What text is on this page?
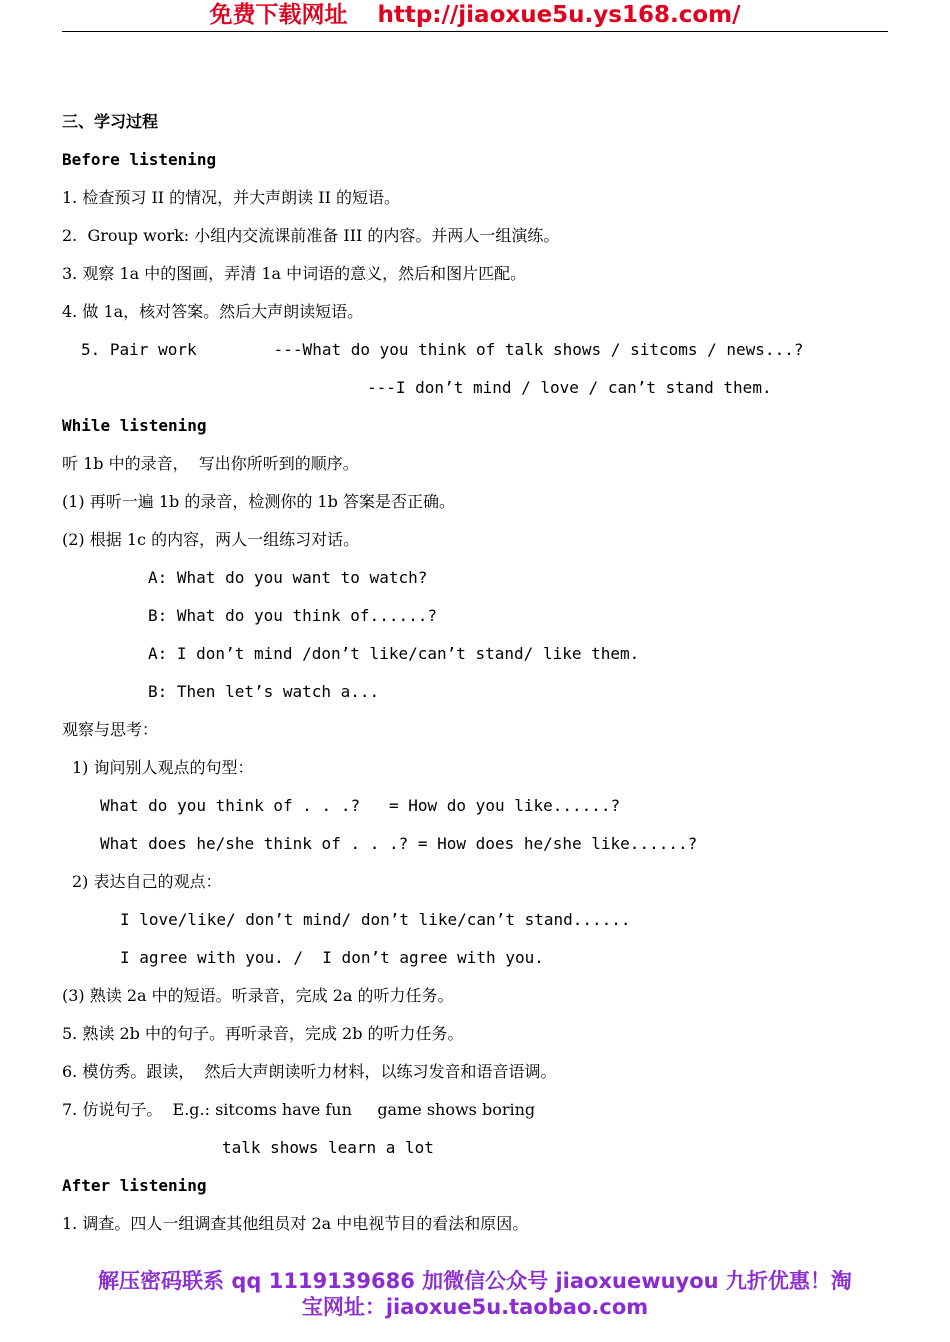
免费下载网址 http://jiaoxue5u.ys168.com/
三、学习过程
Before listening
1. 检查预习 II 的情况，并大声朗读 II 的短语。
2.  Group work: 小组内交流课前准备 III 的内容。并两人一组演练。
3. 观察 1a 中的图画，弄清 1a 中词语的意义，然后和图片匹配。
4. 做 1a，核对答案。然后大声朗读短语。
5. Pair work        ---What do you think of talk shows / sitcoms / news...?
---I don’t mind / love / can’t stand them.
While listening
听 1b 中的录音，  写出你所听到的顺序。
(1) 再听一遍 1b 的录音，检测你的 1b 答案是否正确。
(2) 根据 1c 的内容，两人一组练习对话。
A: What do you want to watch?
B: What do you think of......?
A: I don’t mind /don’t like/can’t stand/ like them.
B: Then let’s watch a...
观察与思考：
1) 询问别人观点的句型：
What do you think of . . .?   = How do you like......?
What does he/she think of . . .? = How does he/she like......?
2) 表达自己的观点：
I love/like/ don’t mind/ don’t like/can’t stand......
I agree with you. /  I don’t agree with you.
(3) 熟读 2a 中的短语。听录音，完成 2a 的听力任务。
5. 熟读 2b 中的句子。再听录音，完成 2b 的听力任务。
6. 模仿秀。跟读，  然后大声朗读听力材料，以练习发音和语音语调。
7. 仿说句子。  E.g.: sitcoms have fun     game shows boring
talk shows learn a lot
After listening
1. 调查。四人一组调查其他组员对 2a 中电视节目的看法和原因。
解压密码联系 qq 1119139686 加微信公众号 jiaoxuewuyou 九折优惠！淘
宝网址：jiaoxue5u.taobao.com
